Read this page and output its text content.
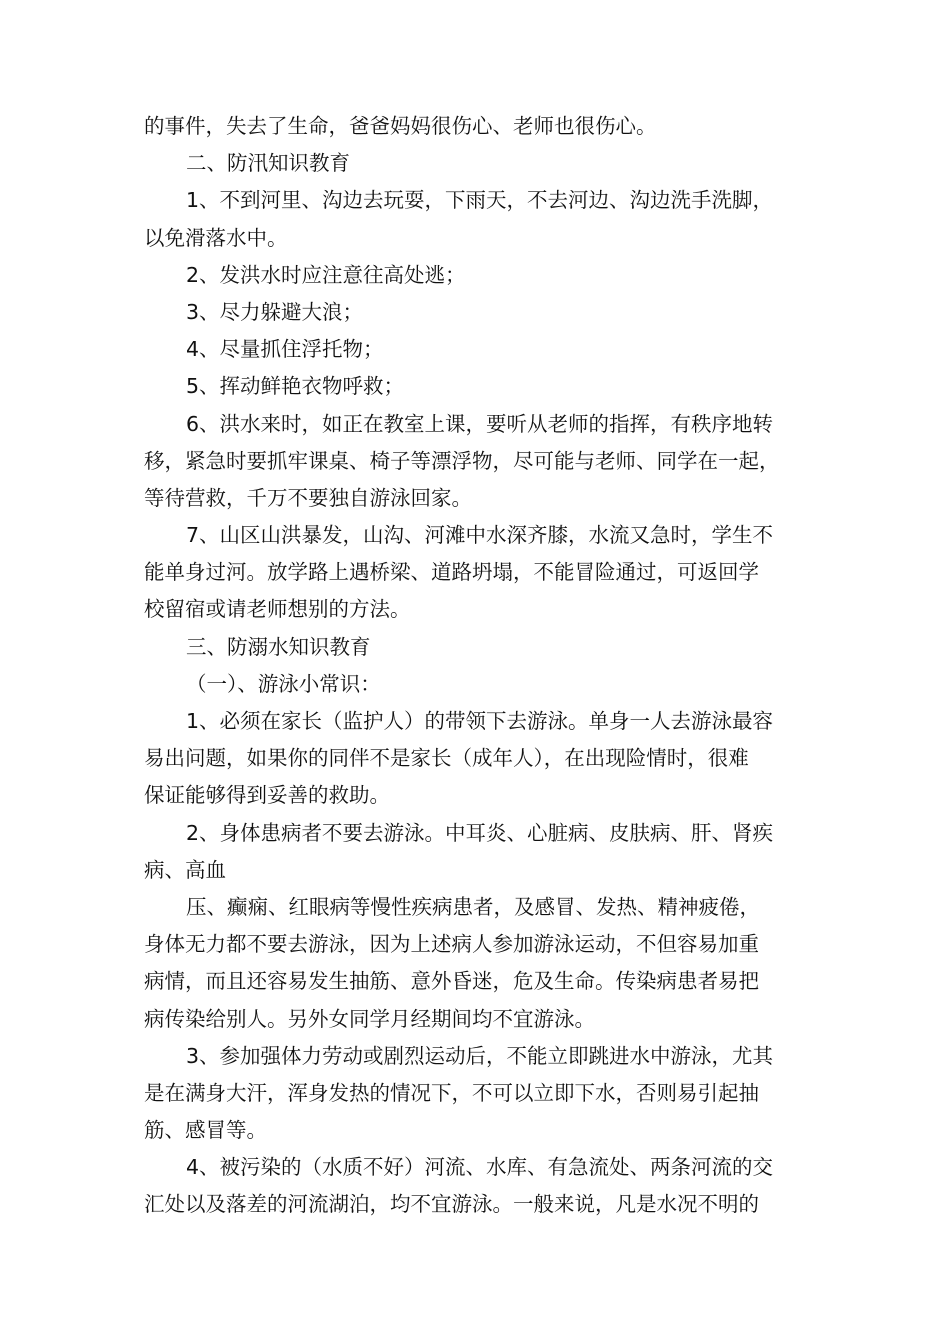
的事件，失去了生命，爸爸妈妈很伤心、老师也很伤心。
二、防汛知识教育
1、不到河里、沟边去玩耍，下雨天，不去河边、沟边洗手洗脚，
以免滑落水中。
2、发洪水时应注意往高处逃；
3、尽力躲避大浪；
4、尽量抓住浮托物；
5、挥动鲜艳衣物呼救；
6、洪水来时，如正在教室上课，要听从老师的指挥，有秩序地转
移，紧急时要抓牢课桌、椅子等漂浮物，尽可能与老师、同学在一起，
等待营救，千万不要独自游泳回家。
7、山区山洪暴发，山沟、河滩中水深齐膝，水流又急时，学生不
能单身过河。放学路上遇桥梁、道路坍塌，不能冒险通过，可返回学
校留宿或请老师想别的方法。
三、防溺水知识教育
（一）、游泳小常识：
1、必须在家长（监护人）的带领下去游泳。单身一人去游泳最容
易出问题，如果你的同伴不是家长（成年人），在出现险情时，很难
保证能够得到妥善的救助。
2、身体患病者不要去游泳。中耳炎、心脏病、皮肤病、肝、肾疾
病、高血
压、癫痫、红眼病等慢性疾病患者，及感冒、发热、精神疲倦，
身体无力都不要去游泳，因为上述病人参加游泳运动，不但容易加重
病情，而且还容易发生抽筋、意外昏迷，危及生命。传染病患者易把
病传染给别人。另外女同学月经期间均不宜游泳。
3、参加强体力劳动或剧烈运动后，不能立即跳进水中游泳，尤其
是在满身大汗，浑身发热的情况下，不可以立即下水，否则易引起抽
筋、感冒等。
4、被污染的（水质不好）河流、水库、有急流处、两条河流的交
汇处以及落差的河流湖泊，均不宜游泳。一般来说，凡是水况不明的
